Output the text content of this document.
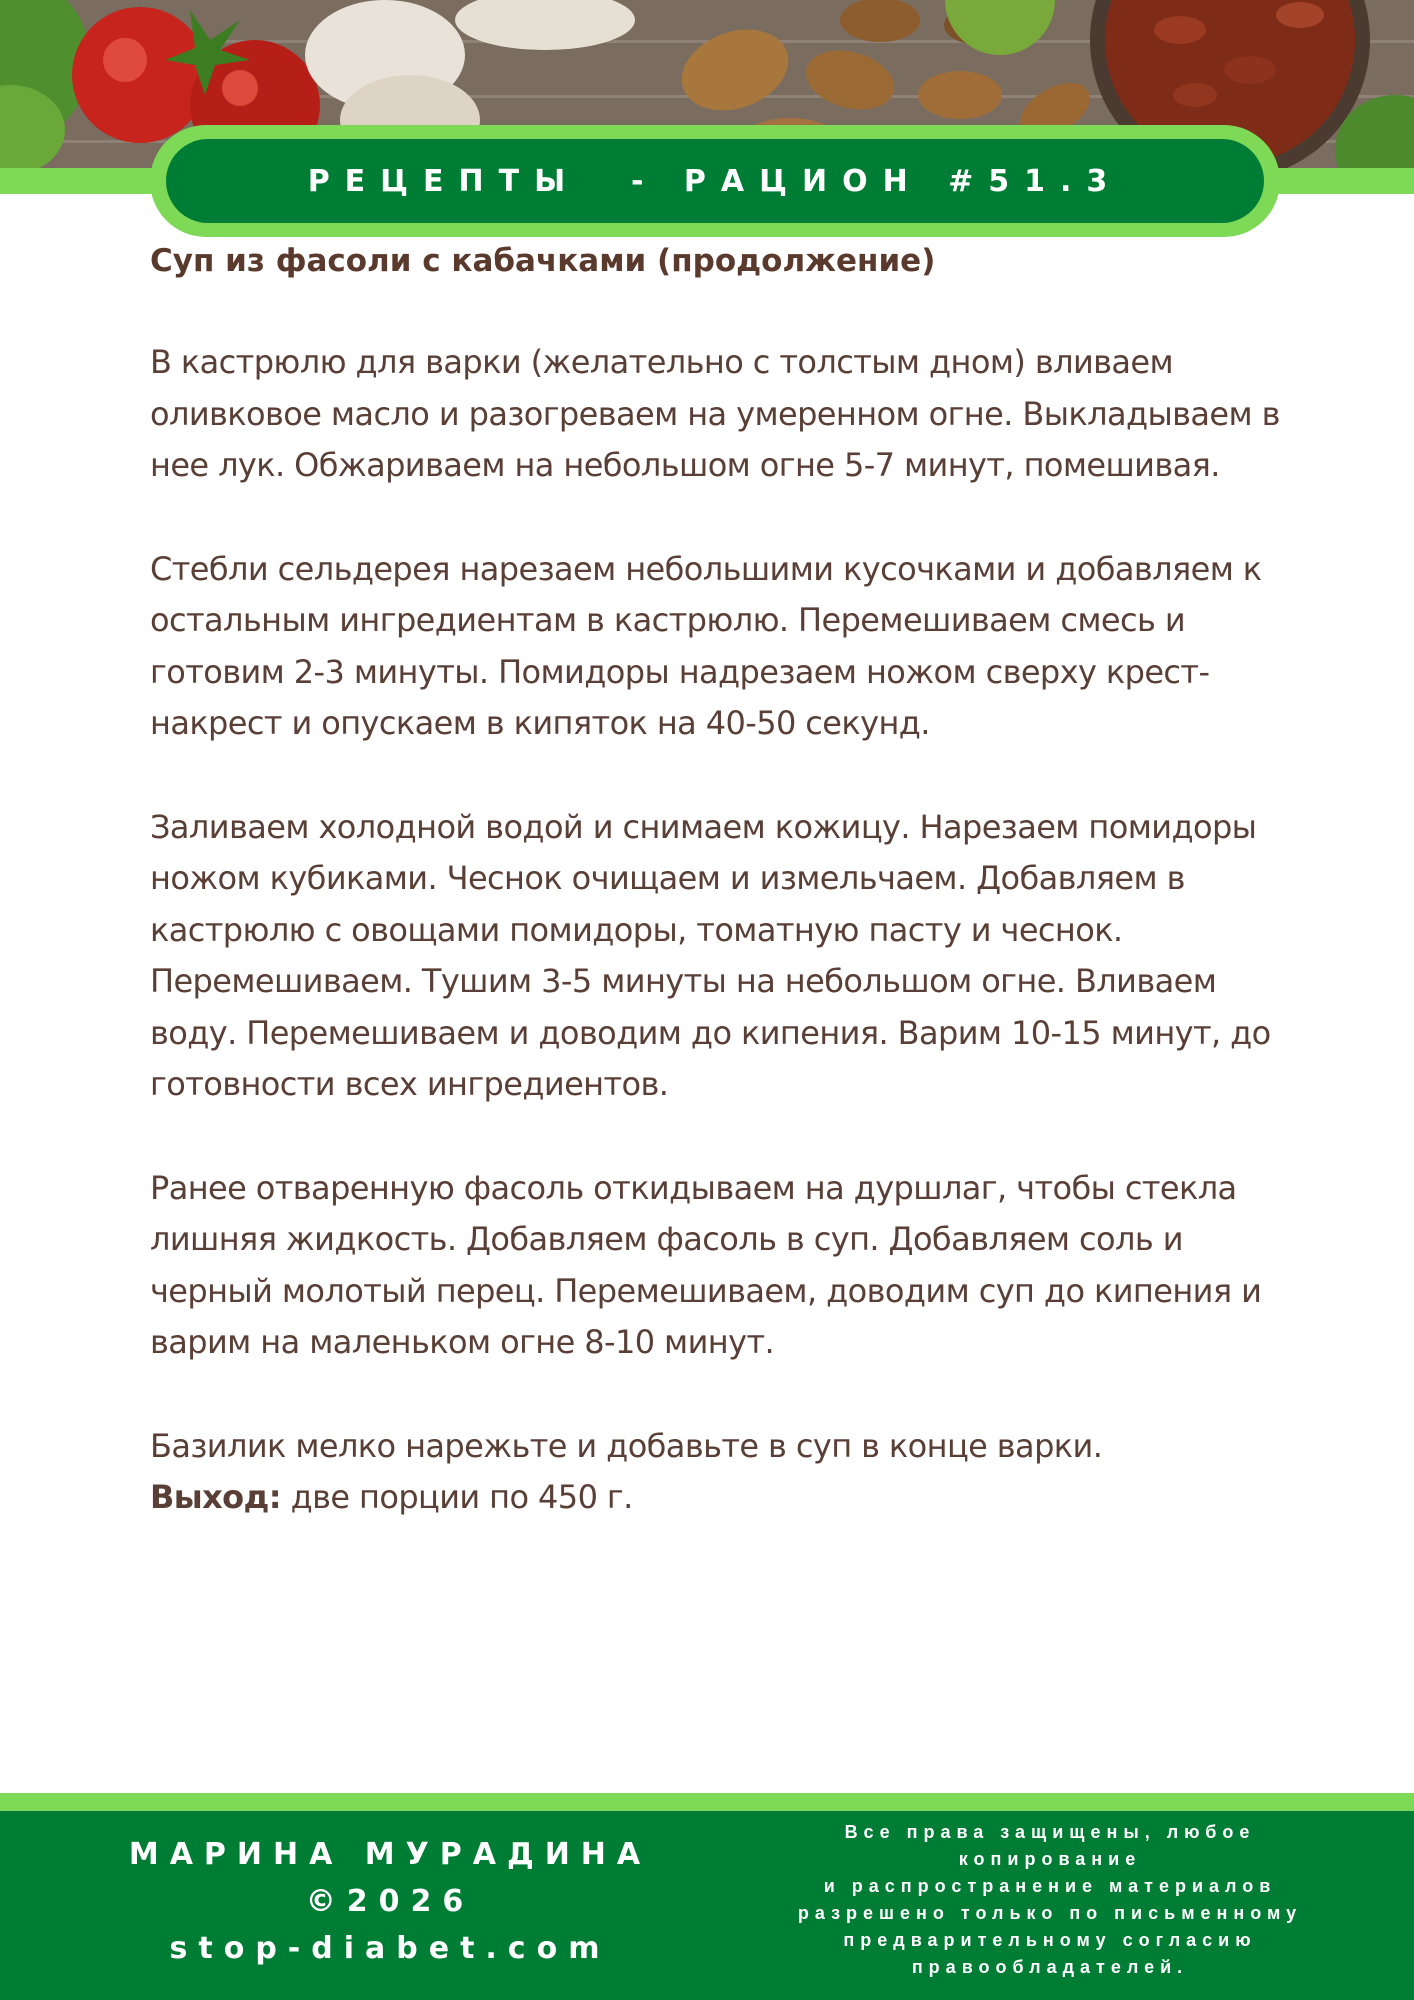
РЕЦЕПТЫ  - РАЦИОН #51.3
Суп из фасоли с кабачками (продолжение)

В кастрюлю для варки (желательно с толстым дном) вливаем оливковое масло и разогреваем на умеренном огне. Выкладываем в нее лук. Обжариваем на небольшом огне 5-7 минут, помешивая.

Стебли сельдерея нарезаем небольшими кусочками и добавляем к остальным ингредиентам в кастрюлю. Перемешиваем смесь и готовим 2-3 минуты. Помидоры надрезаем ножом сверху крест-накрест и опускаем в кипяток на 40-50 секунд.

Заливаем холодной водой и снимаем кожицу. Нарезаем помидоры ножом кубиками. Чеснок очищаем и измельчаем. Добавляем в кастрюлю с овощами помидоры, томатную пасту и чеснок. Перемешиваем. Тушим 3-5 минуты на небольшом огне. Вливаем воду. Перемешиваем и доводим до кипения. Варим 10-15 минут, до готовности всех ингредиентов.

Ранее отваренную фасоль откидываем на дуршлаг, чтобы стекла лишняя жидкость. Добавляем фасоль в суп. Добавляем соль и черный молотый перец. Перемешиваем, доводим суп до кипения и варим на маленьком огне 8-10 минут.

Базилик мелко нарежьте и добавьте в суп в конце варки.
Выход: две порции по 450 г.

МАРИНА МУРАДИНА
©2026
stop-diabet.com
Все права защищены, любое
копирование
и распространение материалов
разрешено только по письменному
предварительному согласию
правообладателей.
